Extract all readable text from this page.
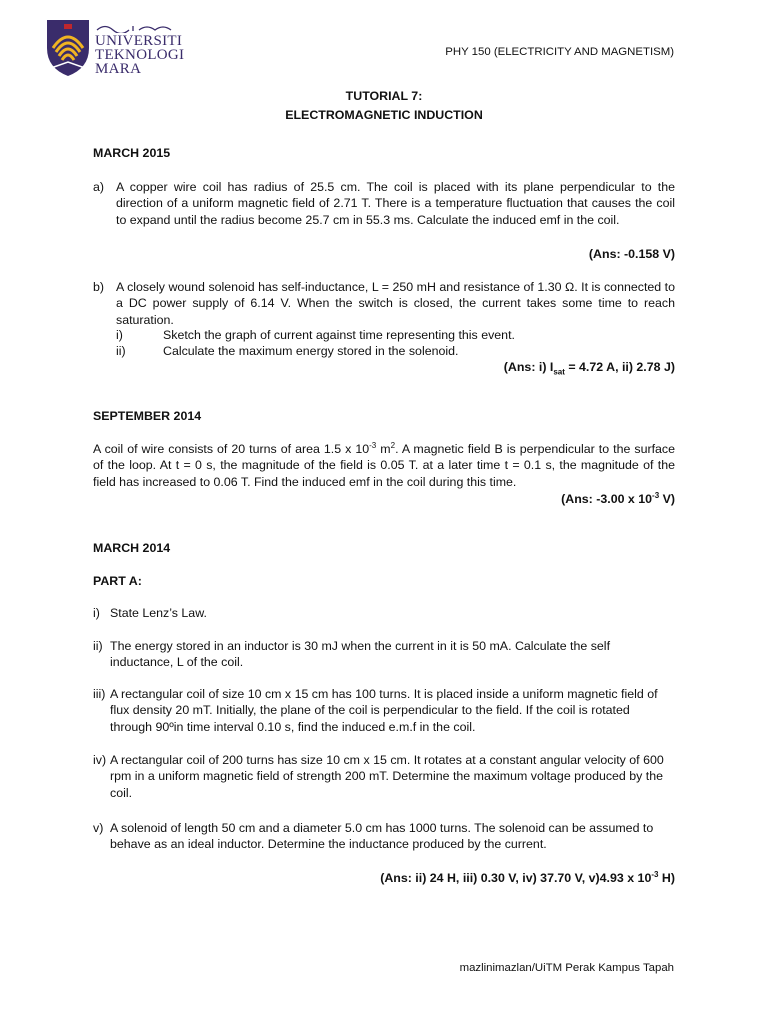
UNIVERSITI
TEKNOLOGI
MARA
PHY 150 (ELECTRICITY AND MAGNETISM)
TUTORIAL 7:
ELECTROMAGNETIC INDUCTION
MARCH 2015
a) A copper wire coil has radius of 25.5 cm. The coil is placed with its plane perpendicular to the direction of a uniform magnetic field of 2.71 T. There is a temperature fluctuation that causes the coil to expand until the radius become 25.7 cm in 55.3 ms. Calculate the induced emf in the coil.
(Ans: -0.158 V)
b) A closely wound solenoid has self-inductance, L = 250 mH and resistance of 1.30 Ω. It is connected to a DC power supply of 6.14 V. When the switch is closed, the current takes some time to reach saturation.
i)	Sketch the graph of current against time representing this event.
ii)	Calculate the maximum energy stored in the solenoid.
(Ans: i) $I_{sat} = 4.72$ A, ii) 2.78 J)
SEPTEMBER 2014
A coil of wire consists of 20 turns of area 1.5 x $10^{-3}$ $m^2$. A magnetic field B is perpendicular to the surface of the loop. At t = 0 s, the magnitude of the field is 0.05 T. at a later time t = 0.1 s, the magnitude of the field has increased to 0.06 T. Find the induced emf in the coil during this time.
(Ans: -3.00 x $10^{-3}$ V)
MARCH 2014
PART A:
i) State Lenz’s Law.
ii) The energy stored in an inductor is 30 mJ when the current in it is 50 mA. Calculate the self inductance, L of the coil.
iii) A rectangular coil of size 10 cm x 15 cm has 100 turns. It is placed inside a uniform magnetic field of flux density 20 mT. Initially, the plane of the coil is perpendicular to the field. If the coil is rotated through 90ºin time interval 0.10 s, find the induced e.m.f in the coil.
iv) A rectangular coil of 200 turns has size 10 cm x 15 cm. It rotates at a constant angular velocity of 600 rpm in a uniform magnetic field of strength 200 mT. Determine the maximum voltage produced by the coil.
v) A solenoid of length 50 cm and a diameter 5.0 cm has 1000 turns. The solenoid can be assumed to behave as an ideal inductor. Determine the inductance produced by the current.
(Ans: ii) 24 H, iii) 0.30 V, iv) 37.70 V, v)4.93 x $10^{-3}$ H)
mazlinimazlan/UiTM Perak Kampus Tapah
